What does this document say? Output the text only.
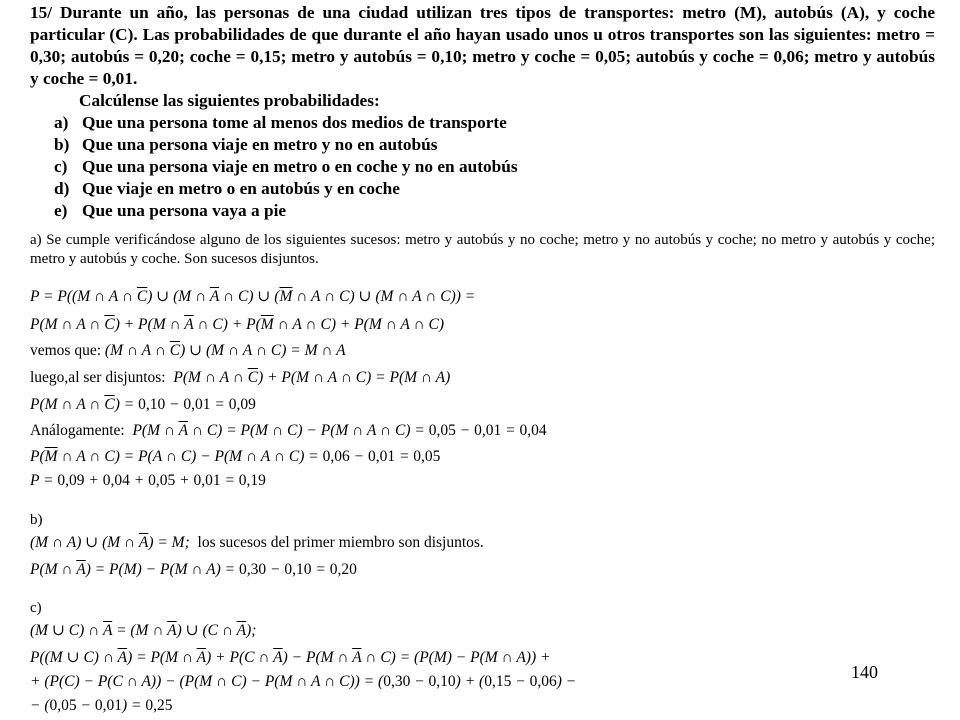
15/ Durante un año, las personas de una ciudad utilizan tres tipos de transportes: metro (M), autobús (A), y coche particular (C). Las probabilidades de que durante el año hayan usado unos u otros transportes son las siguientes: metro = 0,30; autobús = 0,20; coche = 0,15; metro y autobús = 0,10; metro y coche = 0,05; autobús y coche = 0,06; metro y autobús y coche = 0,01.

Calcúlense las siguientes probabilidades:

a) Que una persona tome al menos dos medios de transporte
b) Que una persona viaje en metro y no en autobús
c) Que una persona viaje en metro o en coche y no en autobús
d) Que viaje en metro o en autobús y en coche
e) Que una persona vaya a pie
a) Se cumple verificándose alguno de los siguientes sucesos: metro y autobús y no coche; metro y no autobús y coche; no metro y autobús y coche; metro y autobús y coche. Son sucesos disjuntos.
P = P((M ∩ A ∩ $\overline{C}$) ∪ (M ∩ $\overline{A}$ ∩ C) ∪ ($\overline{M}$ ∩ A ∩ C) ∪ (M ∩ A ∩ C)) =
P(M ∩ A ∩ $\overline{C}) + P(M$ ∩ $\overline{A}$ ∩ $C) + P(\overline{M}$ ∩ A ∩ C) + P(M ∩ A ∩ C)
vemos que: (M ∩ A ∩ $\overline{C}$) ∪ (M ∩ A ∩ C) = M ∩ A
luego,al ser disjuntos:  P(M ∩ A ∩ $\overline{C}) + P(M$ ∩ A ∩ C) = P(M ∩ A)
P(M ∩ A ∩ $\overline{C}) = 0,10 - 0,01 = 0,09$
Análogamente:  P(M ∩ $\overline{A}$ ∩ C) = P(M ∩ C) − P(M ∩ A ∩ C) = 0,05 − 0,01 = 0,04
$P(\overline{M}$ ∩ A ∩ C) = P(A ∩ C) − P(M ∩ A ∩ C) = 0,06 − 0,01 = 0,05
P = 0,09 + 0,04 + 0,05 + 0,01 = 0,19
b)
(M ∩ A) ∪ (M ∩ $\overline{A}) = M$;  los sucesos del primer miembro son disjuntos.
P(M ∩ $\overline{A}) = P(M) - P(M$ ∩ A) = 0,30 − 0,10 = 0,20
c)
(M ∪ C) ∩ $\overline{A} = (M$ ∩ $\overline{A}$) ∪ (C ∩ $\overline{A}$);
P((M ∪ C) ∩ $\overline{A}) = P(M$ ∩ $\overline{A}) + P(C$ ∩ $\overline{A}) - P(M$ ∩ $\overline{A}$ ∩ C) = (P(M) − P(M ∩ A)) +
+ (P(C) − P(C ∩ A)) − (P(M ∩ C) − P(M ∩ A ∩ C)) = (0,30 − 0,10) + (0,15 − 0,06) −
− (0,05 − 0,01) = 0,25
140
